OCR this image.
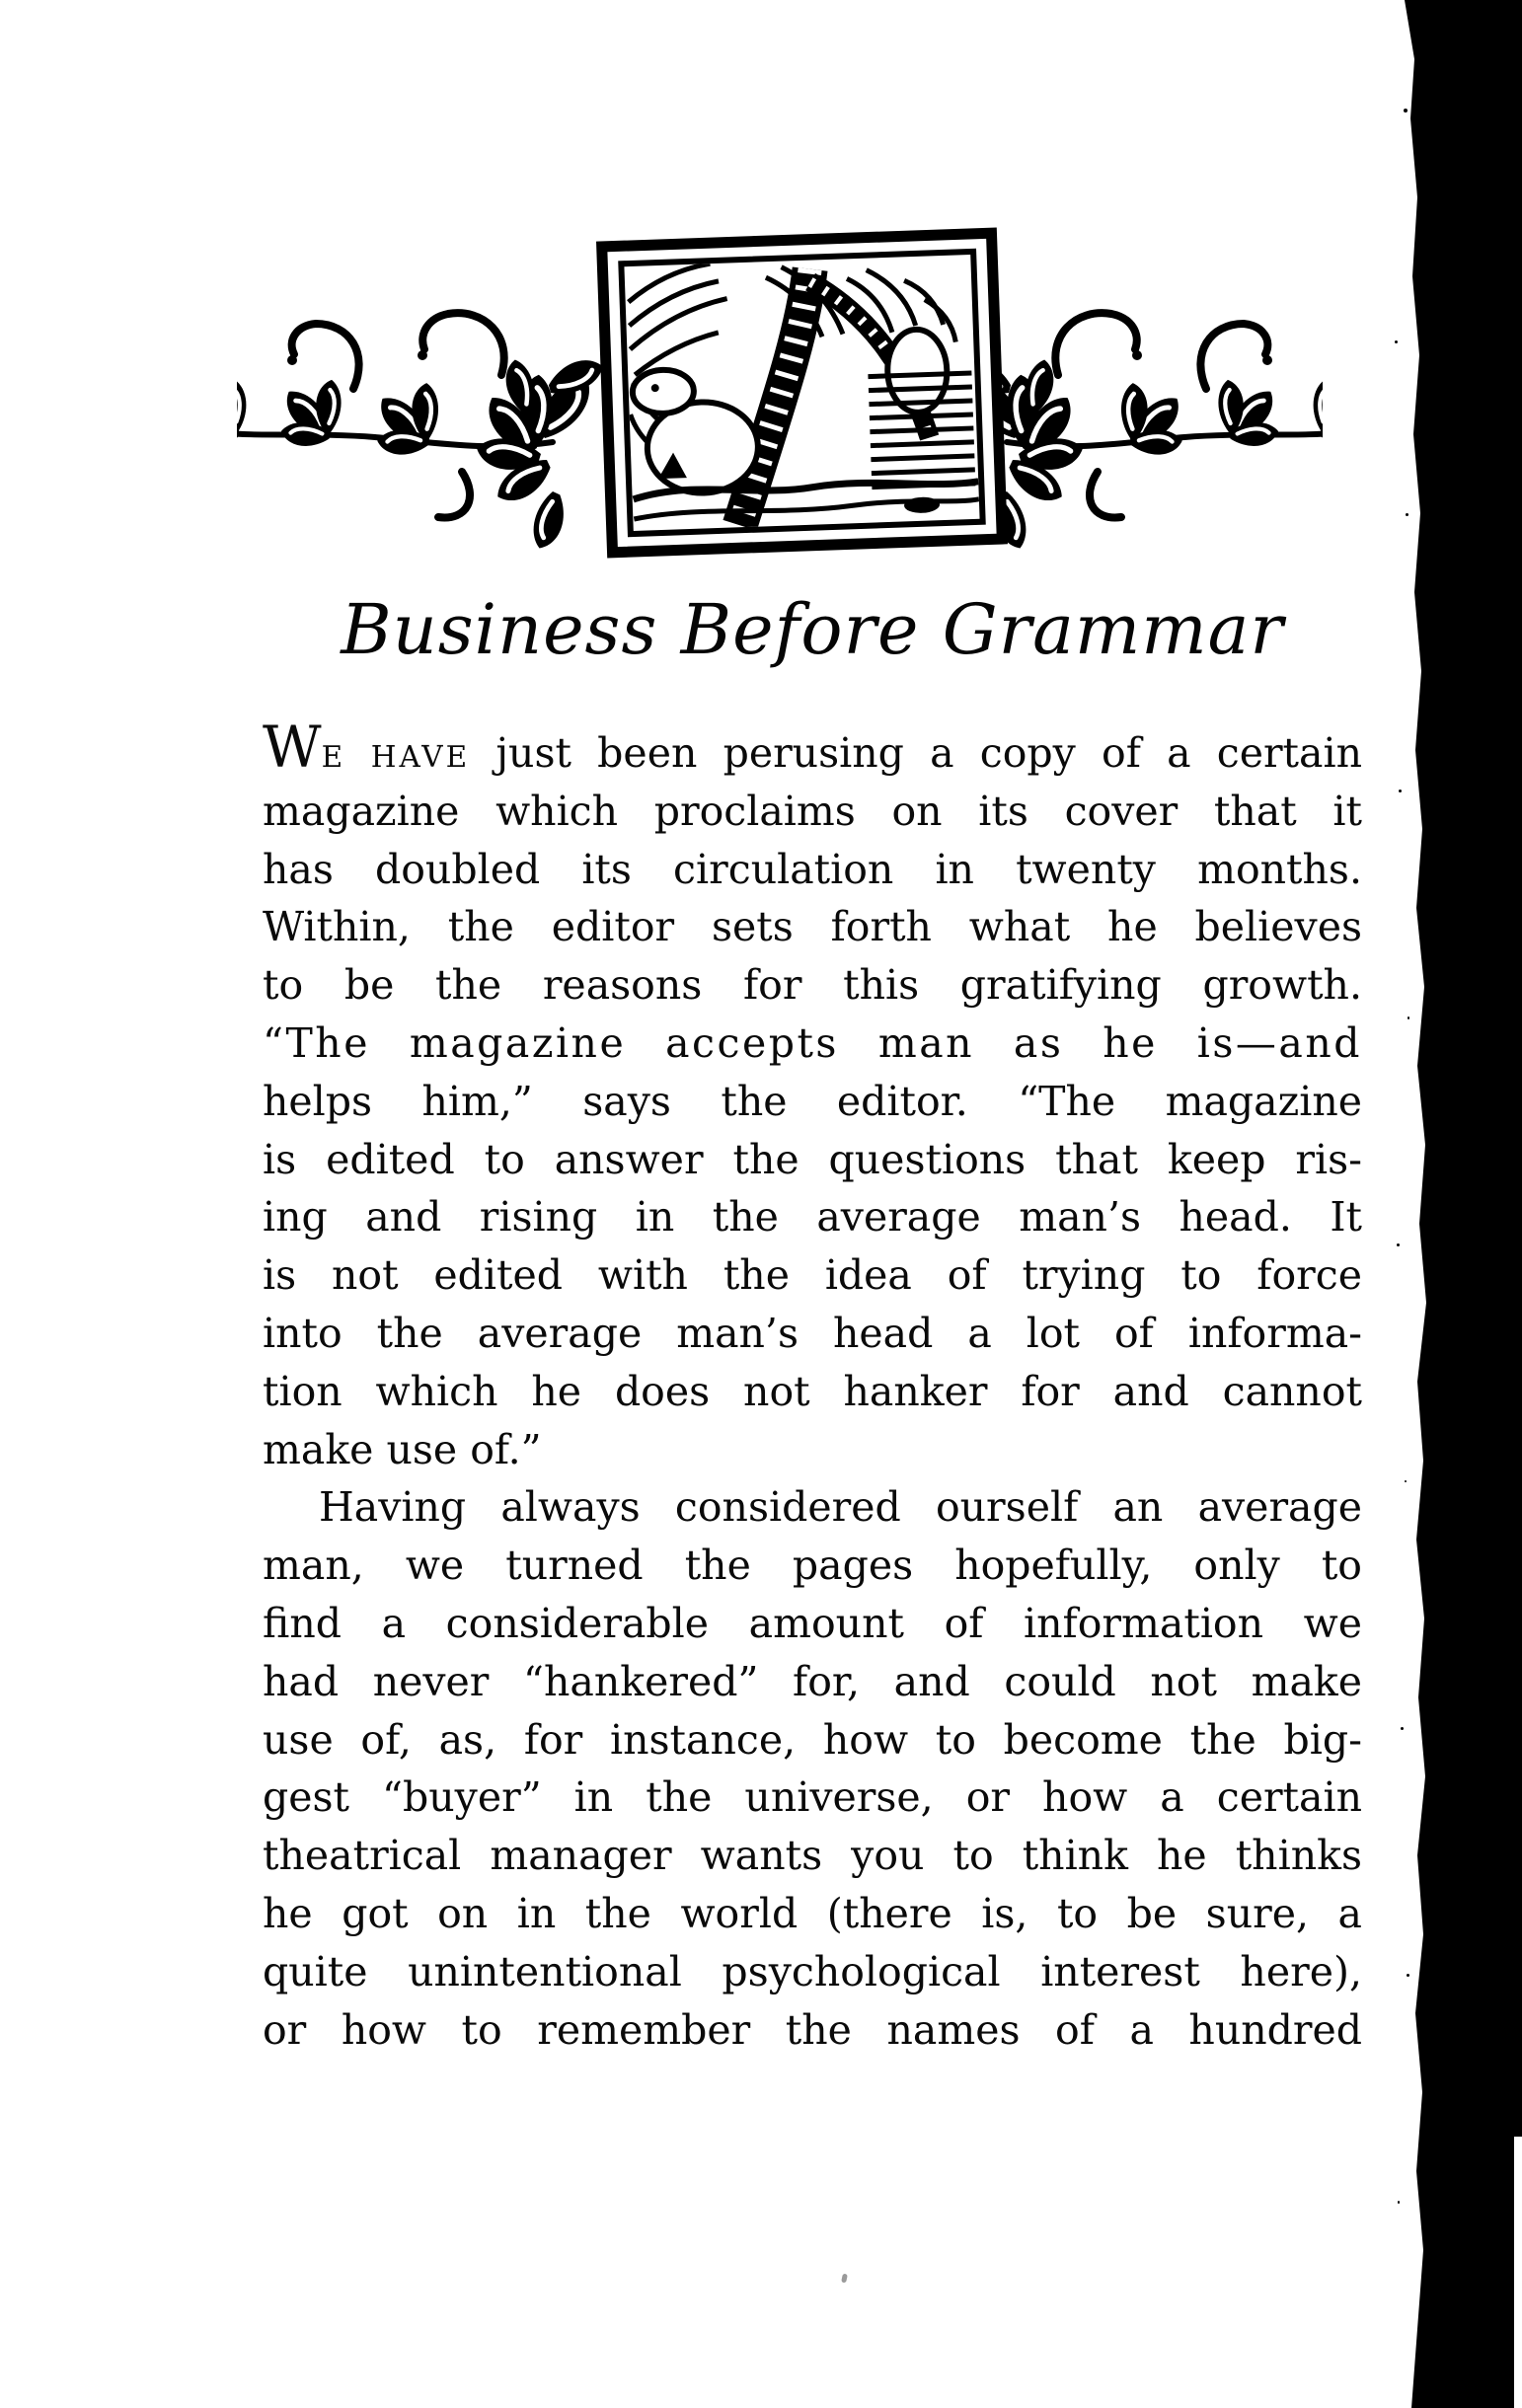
Business Before Grammar
WE HAVE just been perusing a copy of a certain
magazine which proclaims on its cover that it
has doubled its circulation in twenty months.
Within, the editor sets forth what he believes
to be the reasons for this gratifying growth.
“The magazine accepts man as he is—and
helps him,” says the editor. “The magazine
is edited to answer the questions that keep ris-
ing and rising in the average man’s head. It
is not edited with the idea of trying to force
into the average man’s head a lot of informa-
tion which he does not hanker for and cannot
make use of.”
Having always considered ourself an average
man, we turned the pages hopefully, only to
find a considerable amount of information we
had never “hankered” for, and could not make
use of, as, for instance, how to become the big-
gest “buyer” in the universe, or how a certain
theatrical manager wants you to think he thinks
he got on in the world (there is, to be sure, a
quite unintentional psychological interest here),
or how to remember the names of a hundred
